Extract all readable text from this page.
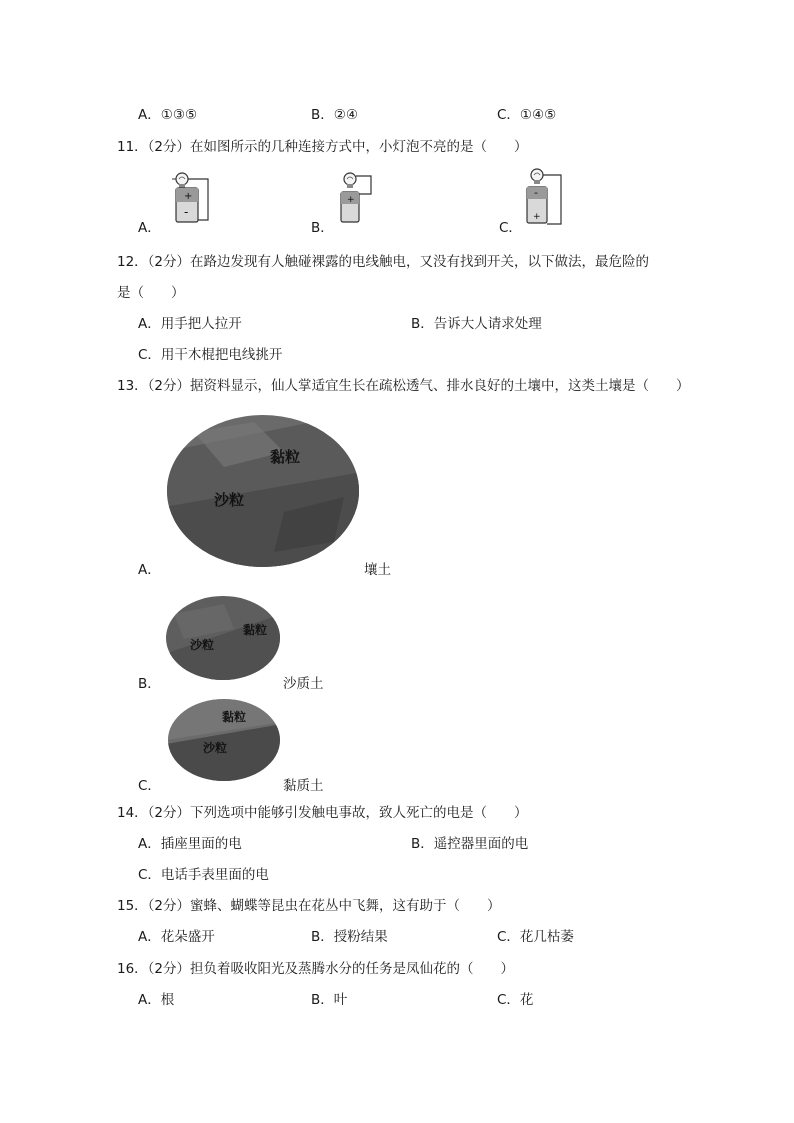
A．①③⑤	B．②④	C．①④⑤
11．（2分）在如图所示的几种连接方式中，小灯泡不亮的是（　　）
A．
+
-
B．
+
C．
-
+
12．（2分）在路边发现有人触碰裸露的电线触电，又没有找到开关，以下做法，最危险的
是（　　）
A．用手把人拉开	B．告诉大人请求处理
C．用干木棍把电线挑开
13．（2分）据资料显示，仙人掌适宜生长在疏松透气、排水良好的土壤中，这类土壤是（　　）
黏粒
沙粒
A．	壤土
黏粒
沙粒
B．	沙质土
黏粒
沙粒
C．	黏质土
14．（2分）下列选项中能够引发触电事故，致人死亡的电是（　　）
A．插座里面的电	B．遥控器里面的电
C．电话手表里面的电
15．（2分）蜜蜂、蝴蝶等昆虫在花丛中飞舞，这有助于（　　）
A．花朵盛开	B．授粉结果	C．花几枯萎
16．（2分）担负着吸收阳光及蒸腾水分的任务是凤仙花的（　　）
A．根	B．叶	C．花
